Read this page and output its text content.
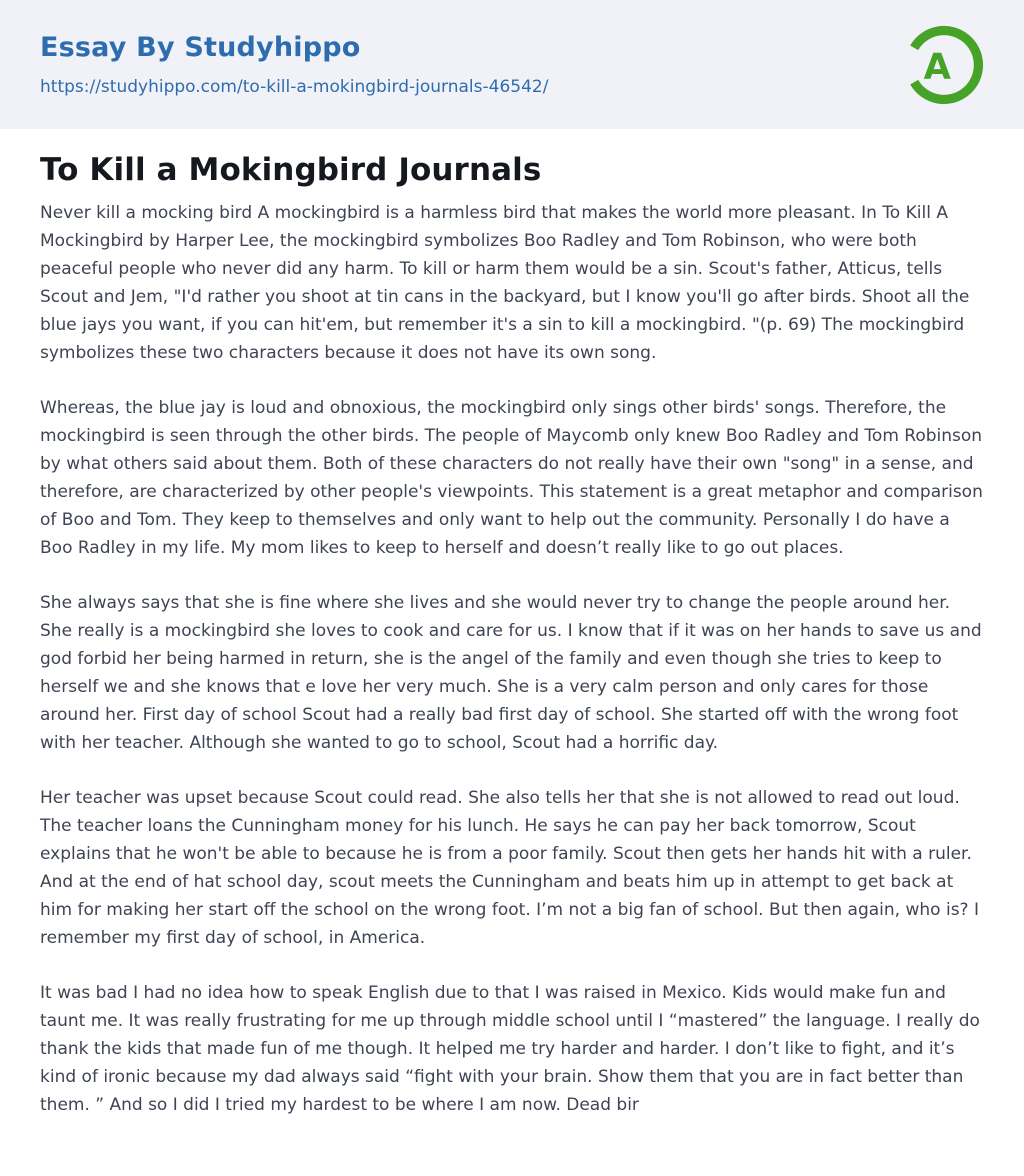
Essay By Studyhippo
https://studyhippo.com/to-kill-a-mokingbird-journals-46542/
A
To Kill a Mokingbird Journals

Never kill a mocking bird A mockingbird is a harmless bird that makes the world more pleasant. In To Kill A Mockingbird by Harper Lee, the mockingbird symbolizes Boo Radley and Tom Robinson, who were both peaceful people who never did any harm. To kill or harm them would be a sin. Scout's father, Atticus, tells Scout and Jem, "I'd rather you shoot at tin cans in the backyard, but I know you'll go after birds. Shoot all the blue jays you want, if you can hit'em, but remember it's a sin to kill a mockingbird. "(p. 69) The mockingbird symbolizes these two characters because it does not have its own song.

Whereas, the blue jay is loud and obnoxious, the mockingbird only sings other birds' songs. Therefore, the mockingbird is seen through the other birds. The people of Maycomb only knew Boo Radley and Tom Robinson by what others said about them. Both of these characters do not really have their own "song" in a sense, and therefore, are characterized by other people's viewpoints. This statement is a great metaphor and comparison of Boo and Tom. They keep to themselves and only want to help out the community. Personally I do have a Boo Radley in my life. My mom likes to keep to herself and doesn’t really like to go out places.

She always says that she is fine where she lives and she would never try to change the people around her. She really is a mockingbird she loves to cook and care for us. I know that if it was on her hands to save us and god forbid her being harmed in return, she is the angel of the family and even though she tries to keep to herself we and she knows that e love her very much. She is a very calm person and only cares for those around her. First day of school Scout had a really bad first day of school. She started off with the wrong foot with her teacher. Although she wanted to go to school, Scout had a horrific day.

Her teacher was upset because Scout could read. She also tells her that she is not allowed to read out loud. The teacher loans the Cunningham money for his lunch. He says he can pay her back tomorrow, Scout explains that he won't be able to because he is from a poor family. Scout then gets her hands hit with a ruler. And at the end of hat school day, scout meets the Cunningham and beats him up in attempt to get back at him for making her start off the school on the wrong foot. I’m not a big fan of school. But then again, who is? I remember my first day of school, in America.

It was bad I had no idea how to speak English due to that I was raised in Mexico. Kids would make fun and taunt me. It was really frustrating for me up through middle school until I “mastered” the language. I really do thank the kids that made fun of me though. It helped me try harder and harder. I don’t like to fight, and it’s kind of ironic because my dad always said “fight with your brain. Show them that you are in fact better than them. ” And so I did I tried my hardest to be where I am now. Dead bir
